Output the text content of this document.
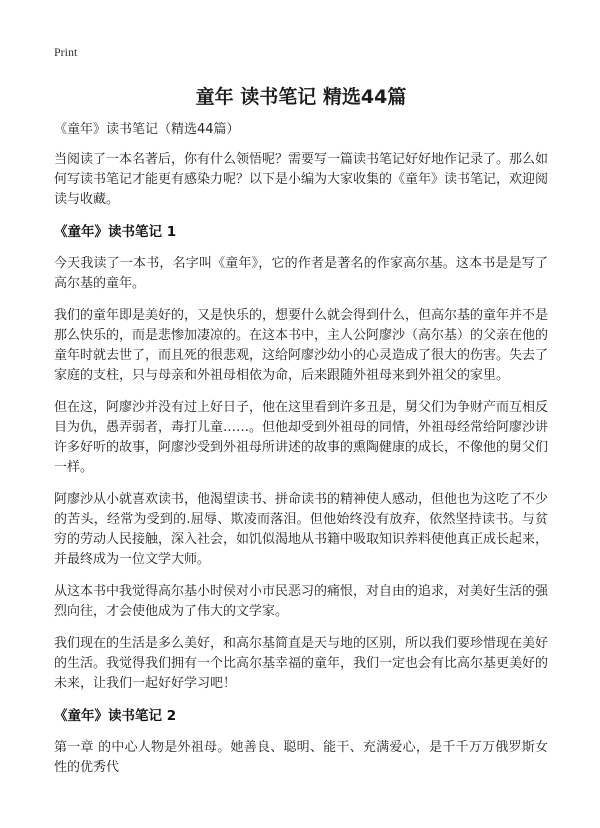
Print
童年 读书笔记 精选44篇
《童年》读书笔记（精选44篇）

当阅读了一本名著后，你有什么领悟呢？需要写一篇读书笔记好好地作记录了。那么如何写读书笔记才能更有感染力呢？以下是小编为大家收集的《童年》读书笔记，欢迎阅读与收藏。

《童年》读书笔记 1

今天我读了一本书，名字叫《童年》，它的作者是著名的作家高尔基。这本书是是写了高尔基的童年。

我们的童年即是美好的，又是快乐的，想要什么就会得到什么，但高尔基的童年并不是那么快乐的，而是悲惨加凄凉的。在这本书中，主人公阿廖沙（高尔基）的父亲在他的童年时就去世了，而且死的很悲观，这给阿廖沙幼小的心灵造成了很大的伤害。失去了家庭的支柱，只与母亲和外祖母相依为命，后来跟随外祖母来到外祖父的家里。

但在这，阿廖沙并没有过上好日子，他在这里看到许多丑是，舅父们为争财产而互相反目为仇，愚弄弱者，毒打儿童……。但他却受到外祖母的同情，外祖母经常给阿廖沙讲许多好听的故事，阿廖沙受到外祖母所讲述的故事的熏陶健康的成长，不像他的舅父们一样。

阿廖沙从小就喜欢读书，他渴望读书、拼命读书的精神使人感动，但他也为这吃了不少的苦头，经常为受到的.屈辱、欺凌而落泪。但他始终没有放弃，依然坚持读书。与贫穷的劳动人民接触，深入社会，如饥似渴地从书籍中吸取知识养料使他真正成长起来，并最终成为一位文学大师。

从这本书中我觉得高尔基小时侯对小市民恶习的痛恨，对自由的追求，对美好生活的强烈向往，才会使他成为了伟大的文学家。

我们现在的生活是多么美好，和高尔基简直是天与地的区别，所以我们要珍惜现在美好的生活。我觉得我们拥有一个比高尔基幸福的童年，我们一定也会有比高尔基更美好的未来，让我们一起好好学习吧！

《童年》读书笔记 2

第一章 的中心人物是外祖母。她善良、聪明、能干、充满爱心，是千千万万俄罗斯女性的优秀代
